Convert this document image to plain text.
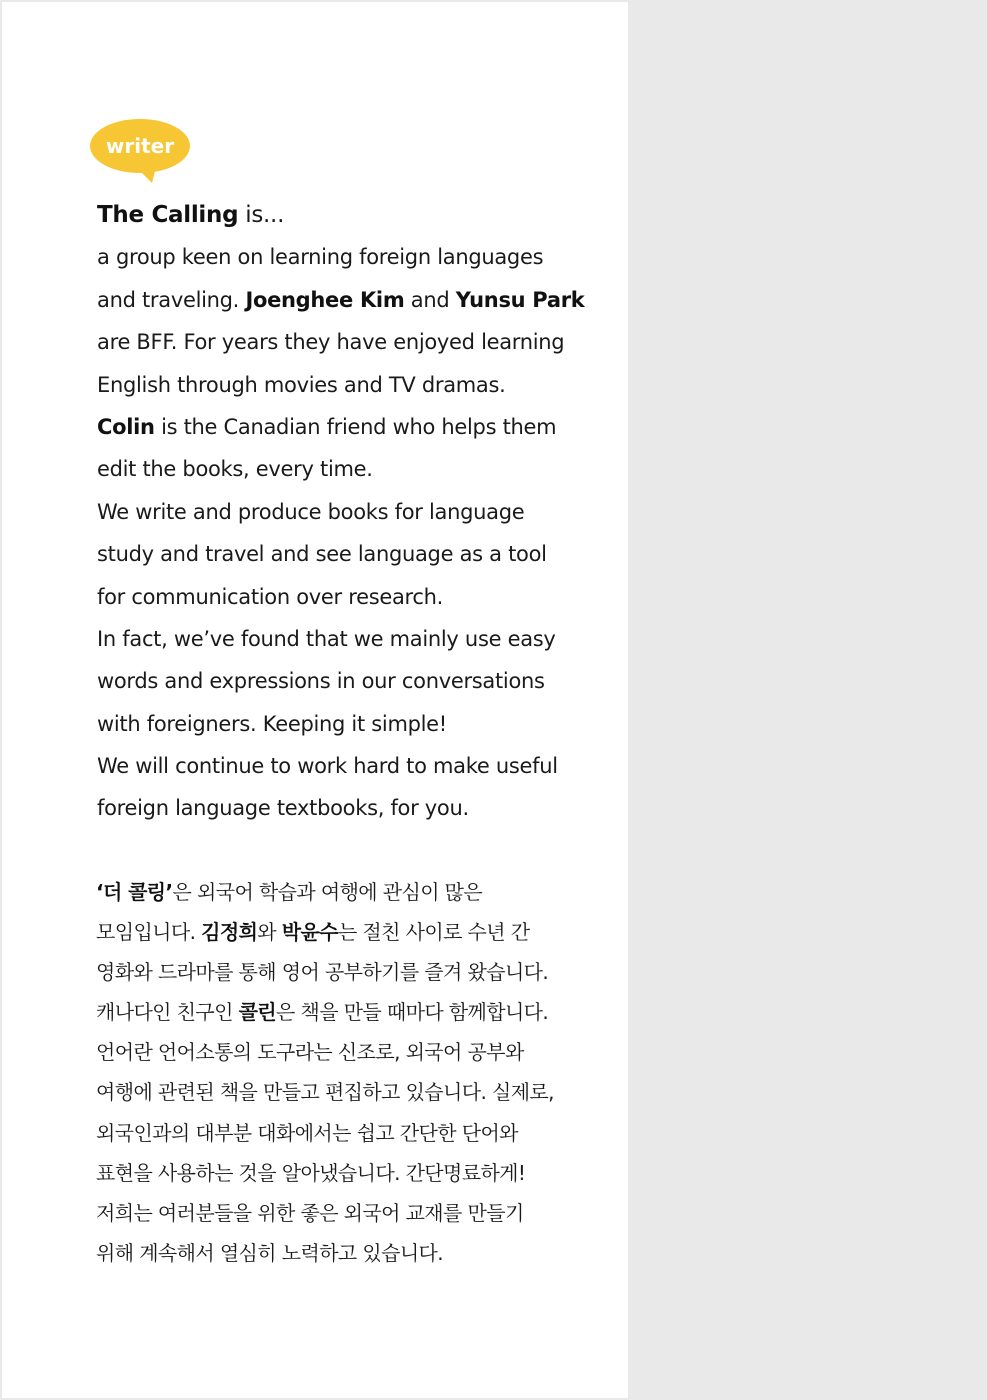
writer
The Calling is...
a group keen on learning foreign languages
and traveling. Joenghee Kim and Yunsu Park
are BFF. For years they have enjoyed learning
English through movies and TV dramas.
Colin is the Canadian friend who helps them
edit the books, every time.
We write and produce books for language
study and travel and see language as a tool
for communication over research.
In fact, we’ve found that we mainly use easy
words and expressions in our conversations
with foreigners. Keeping it simple!
We will continue to work hard to make useful
foreign language textbooks, for you.
‘더 콜링’은 외국어 학습과 여행에 관심이 많은
모임입니다. 김정희와 박윤수는 절친 사이로 수년 간
영화와 드라마를 통해 영어 공부하기를 즐겨 왔습니다.
캐나다인 친구인 콜린은 책을 만들 때마다 함께합니다.
언어란 언어소통의 도구라는 신조로, 외국어 공부와
여행에 관련된 책을 만들고 편집하고 있습니다. 실제로,
외국인과의 대부분 대화에서는 쉽고 간단한 단어와
표현을 사용하는 것을 알아냈습니다. 간단명료하게!
저희는 여러분들을 위한 좋은 외국어 교재를 만들기
위해 계속해서 열심히 노력하고 있습니다.
